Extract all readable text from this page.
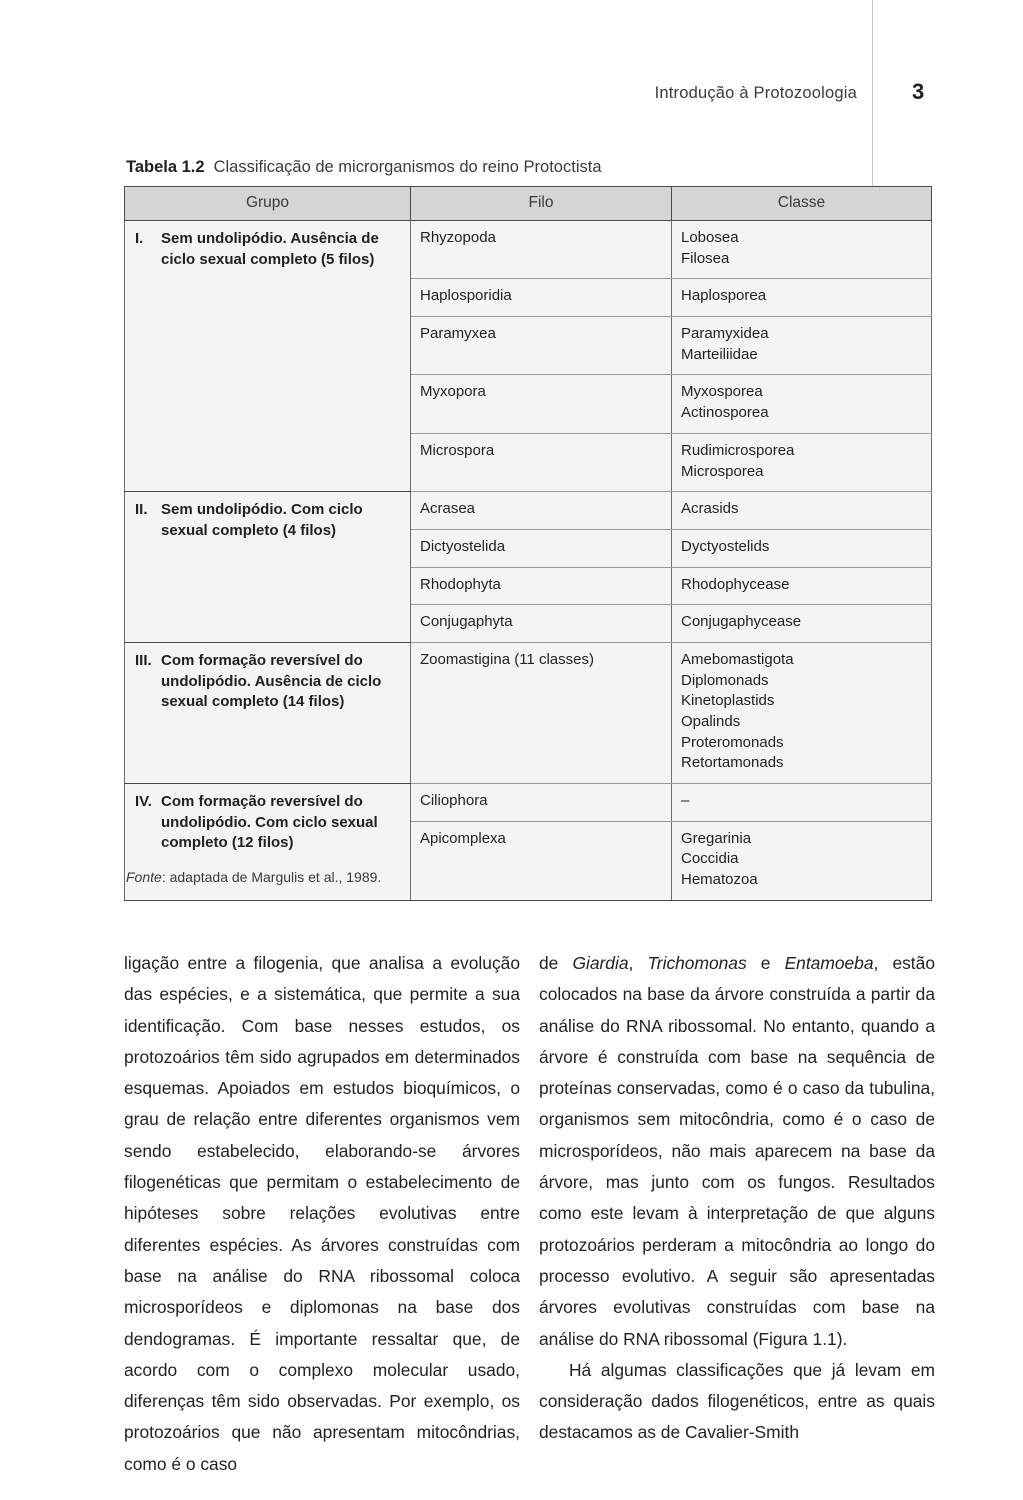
Introdução à Protozoologia	3
Tabela 1.2 Classificação de microrganismos do reino Protoctista
Grupo	Filo	Classe

I.	Sem undolipódio. Ausência de ciclo sexual completo (5 filos)
	Rhyzopoda	Lobosea
Filosea

	Haplosporidia	Haplosporea

	Paramyxea	Paramyxidea
Marteiliidae

	Myxopora	Myxosporea
Actinosporea

	Microspora	Rudimicrosporea
Microsporea

II. Sem undolipódio. Com ciclo sexual completo (4 filos)	Acrasea	Acrasids

	Dictyostelida	Dyctyostelids

	Rhodophyta	Rhodophycease

	Conjugaphyta	Conjugaphycease

III. Com formação reversível do undolipódio. Ausência de ciclo sexual completo (14 filos)
	Zoomastigina (11 classes)	Amebomastigota
Diplomonads
Kinetoplastids
Opalinds
Proteromonads
Retortamonads

IV. Com formação reversível do undolipódio. Com ciclo sexual completo (12 filos)	Ciliophora	–

	Apicomplexa	Gregarinia
Coccidia
Hematozoa
Fonte: adaptada de Margulis et al., 1989.

ligação entre a filogenia, que analisa a evolução das espécies, e a sistemática, que permite a sua identificação. Com base nesses estudos, os protozoários têm sido agrupados em determinados esquemas. Apoiados em estudos bioquímicos, o grau de relação entre diferentes organismos vem sendo estabelecido, elaborando-se árvores filogenéticas que permitam o estabelecimento de hipóteses sobre relações evolutivas entre diferentes espécies. As árvores construídas com base na análise do RNA ribossomal coloca microsporídeos e diplomonas na base dos dendogramas. É importante ressaltar que, de acordo com o complexo molecular usado, diferenças têm sido observadas. Por exemplo, os protozoários que não apresentam mitocôndrias, como é o caso

de Giardia, Trichomonas e Entamoeba, estão colocados na base da árvore construída a partir da análise do RNA ribossomal. No entanto, quando a árvore é construída com base na sequência de proteínas conservadas, como é o caso da tubulina, organismos sem mitocôndria, como é o caso de microsporídeos, não mais aparecem na base da árvore, mas junto com os fungos. Resultados como este levam à interpretação de que alguns protozoários perderam a mitocôndria ao longo do processo evolutivo. A seguir são apresentadas árvores evolutivas construídas com base na análise do RNA ribossomal (Figura 1.1).

Há algumas classificações que já levam em consideração dados filogenéticos, entre as quais destacamos as de Cavalier-Smith
